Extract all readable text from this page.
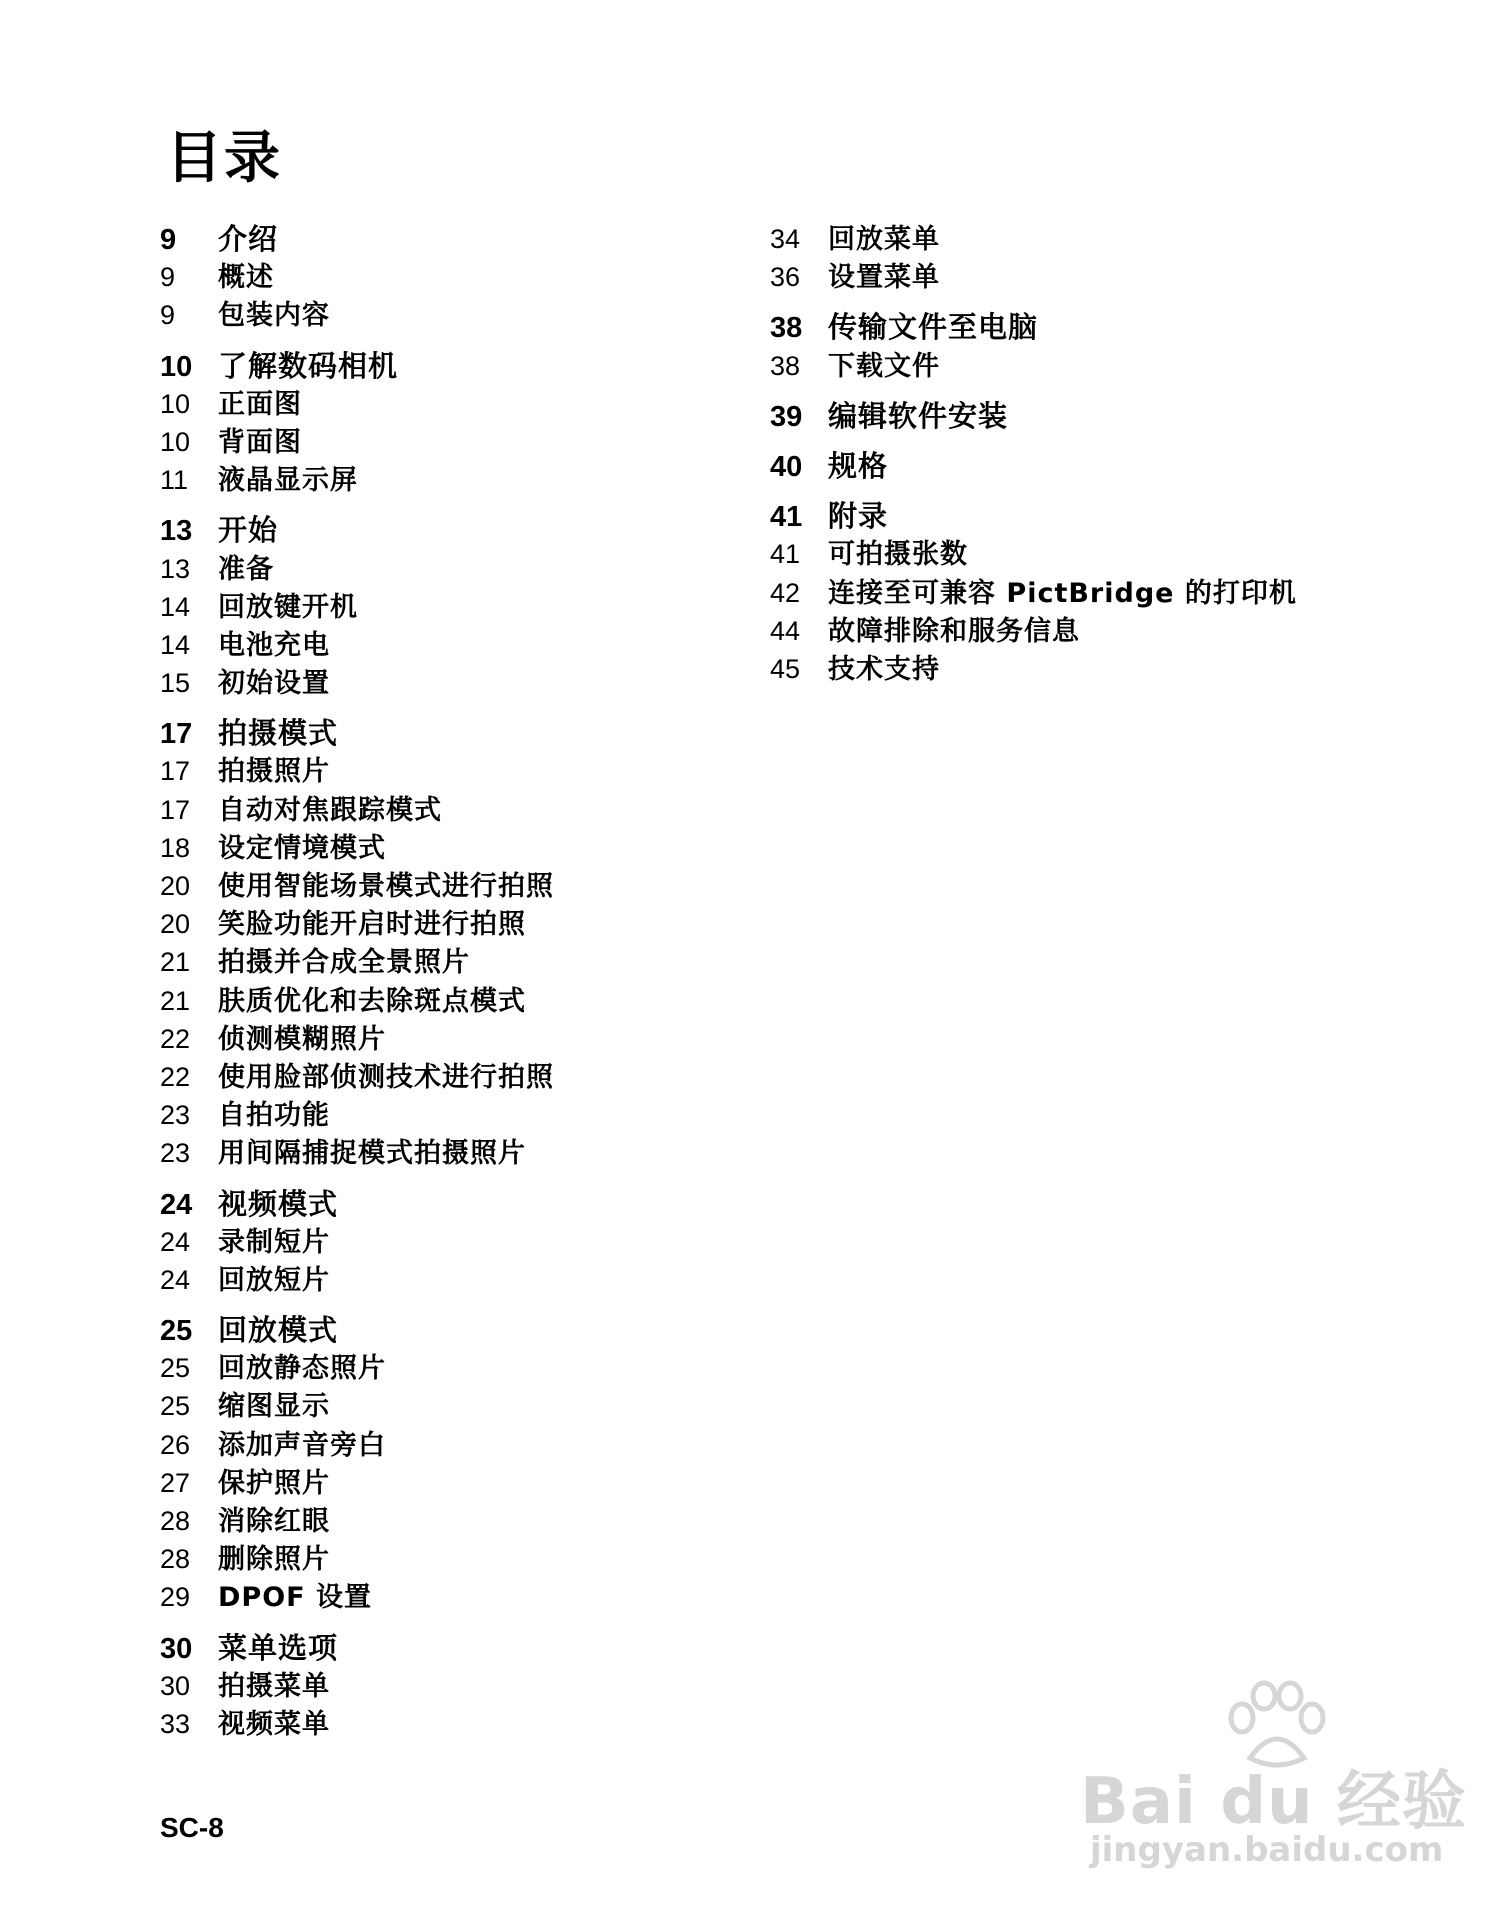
目录
9	介绍
9	概述
9	包装内容
10 了解数码相机
10	正面图
10	背面图
11	液晶显示屏
13 开始
13	准备
14	回放键开机
14	电池充电
15	初始设置
17 拍摄模式
17	拍摄照片
17	自动对焦跟踪模式
18	设定情境模式
20	使用智能场景模式进行拍照
20	笑脸功能开启时进行拍照
21	拍摄并合成全景照片
21	肤质优化和去除斑点模式
22	侦测模糊照片
22	使用脸部侦测技术进行拍照
23	自拍功能
23	用间隔捕捉模式拍摄照片
24 视频模式
24	录制短片
24	回放短片
25 回放模式
25	回放静态照片
25	缩图显示
26	添加声音旁白
27	保护照片
28	消除红眼
28	删除照片
29	DPOF 设置
30 菜单选项
30	拍摄菜单
33	视频菜单
34	回放菜单
36	设置菜单
38 传输文件至电脑
38	下载文件
39 编辑软件安装
40 规格
41 附录
41	可拍摄张数
42	连接至可兼容 PictBridge 的打印机
44	故障排除和服务信息
45	技术支持
SC-8	Bai du 经验
jingyan.baidu.com
